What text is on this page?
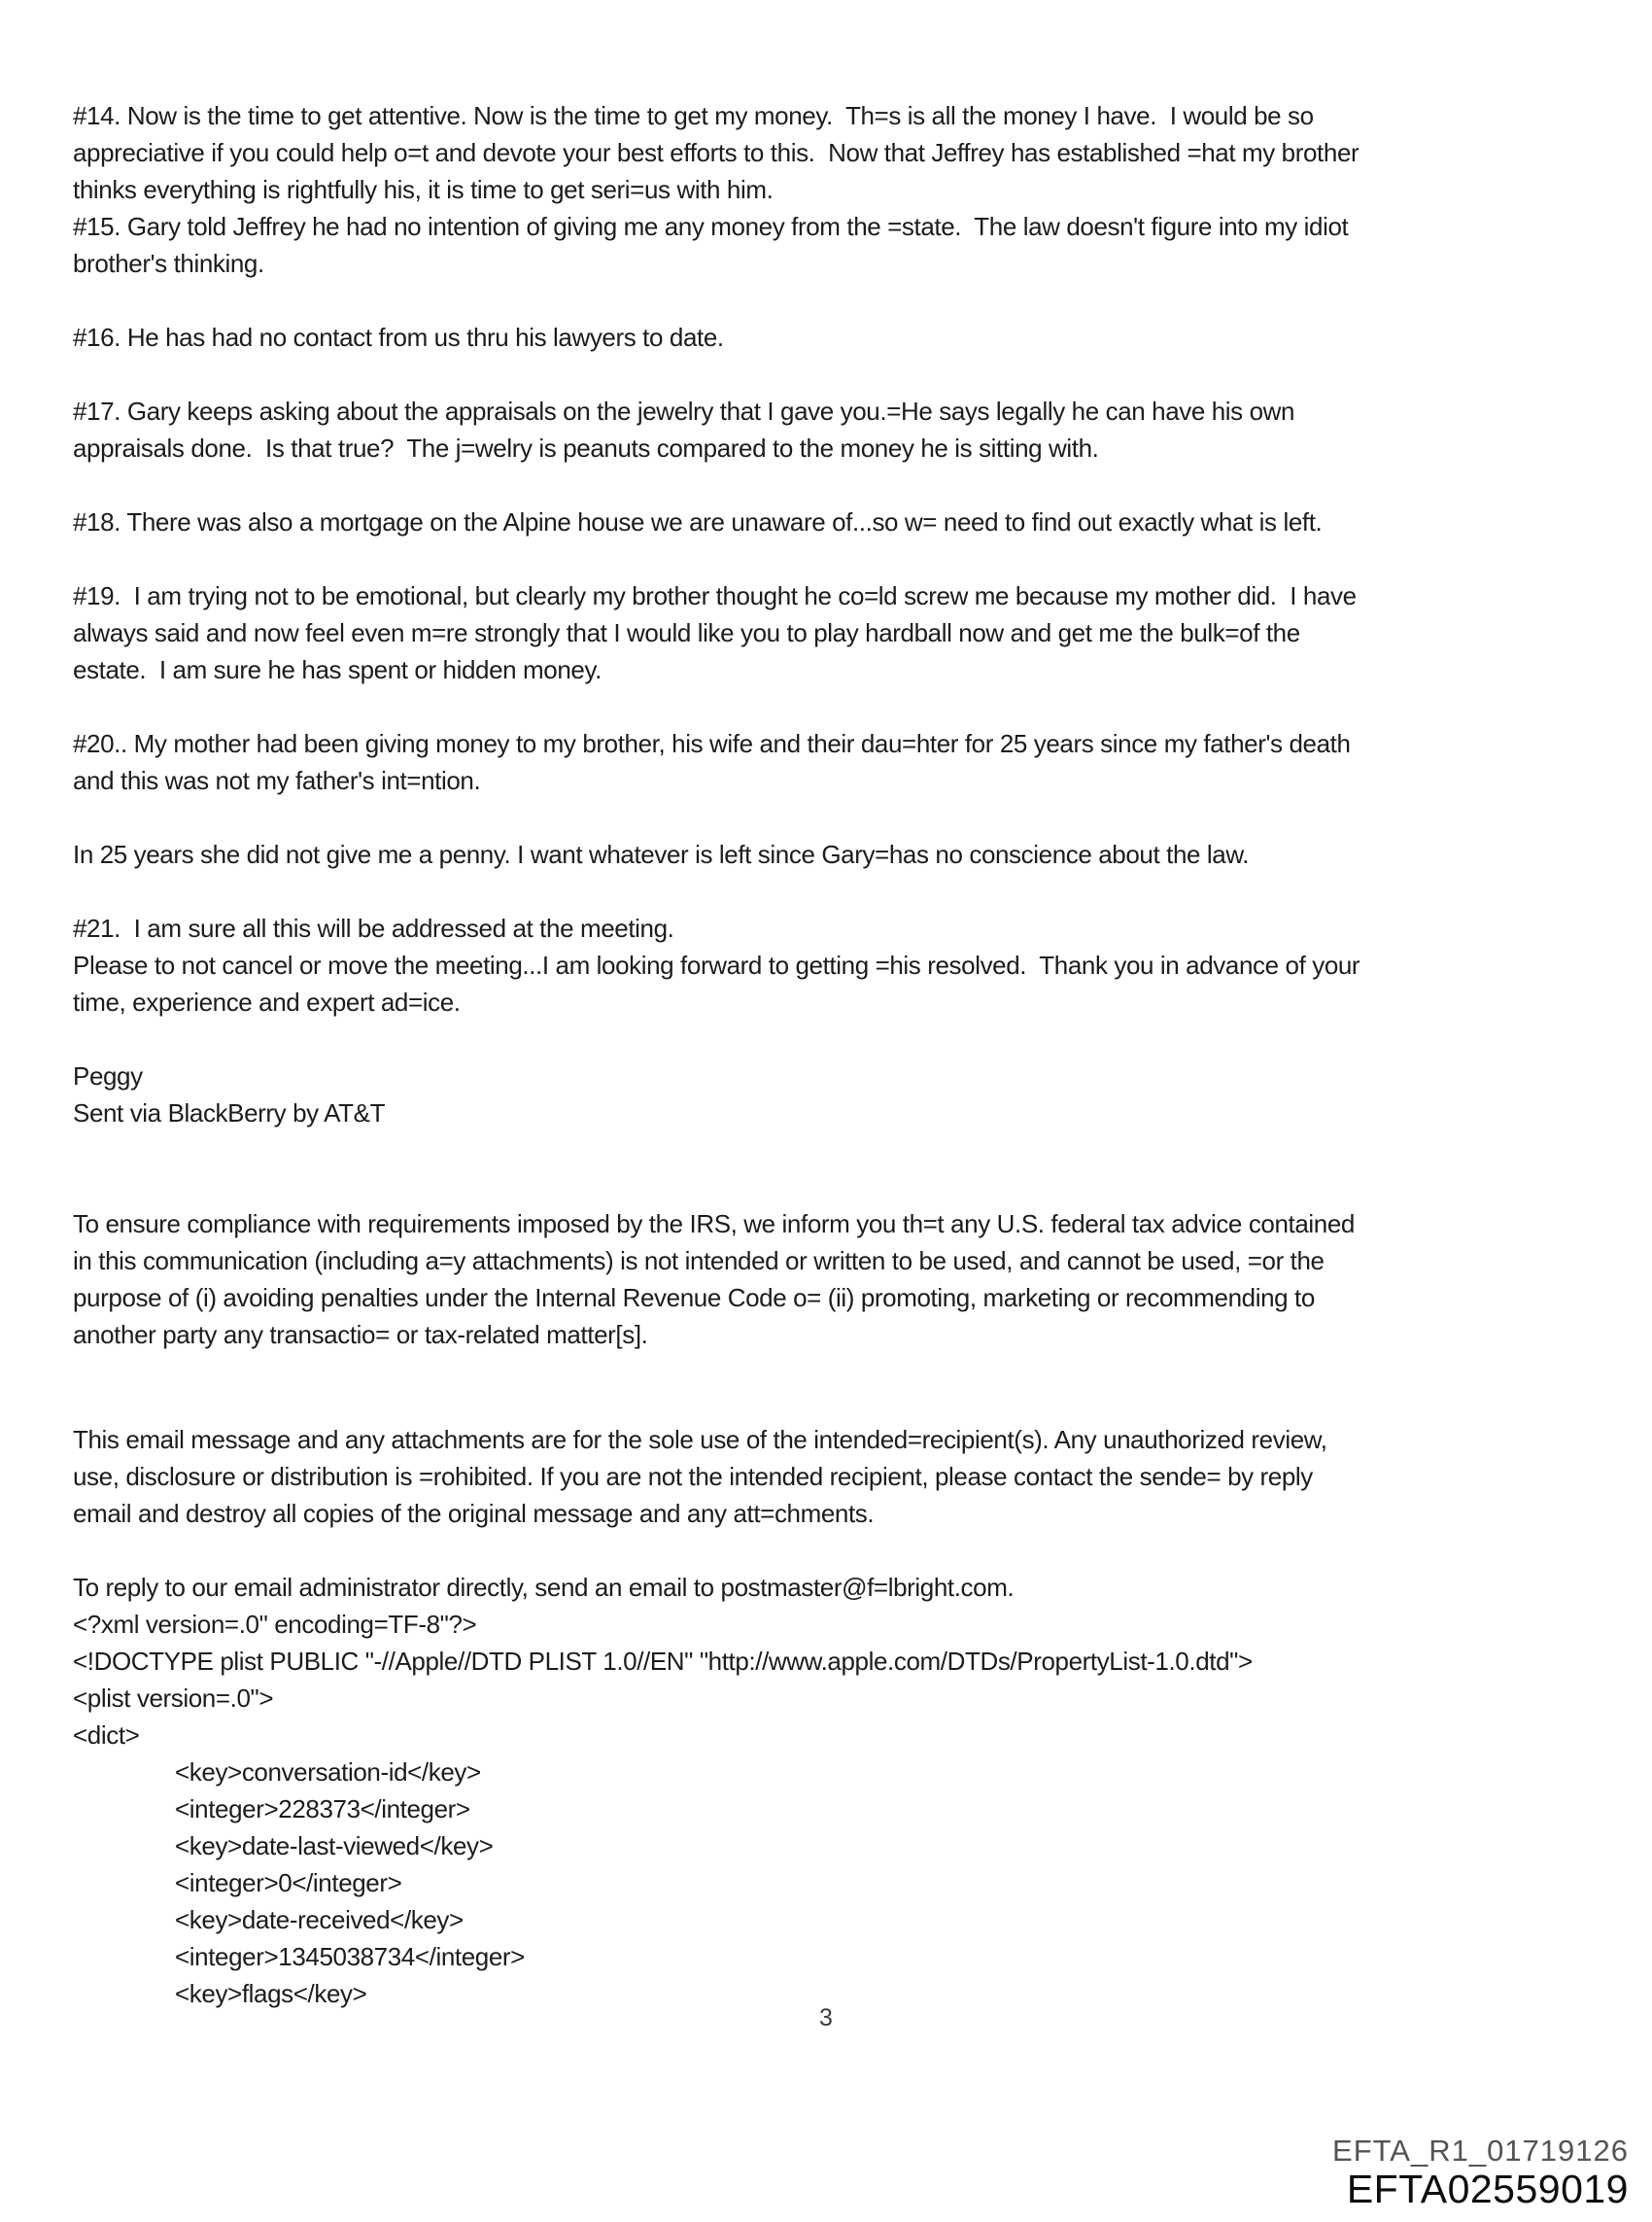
#14. Now is the time to get attentive. Now is the time to get my money.  Th=s is all the money I have.  I would be so
appreciative if you could help o=t and devote your best efforts to this.  Now that Jeffrey has established =hat my brother
thinks everything is rightfully his, it is time to get seri=us with him.
#15. Gary told Jeffrey he had no intention of giving me any money from the =state.  The law doesn't figure into my idiot
brother's thinking.
#16. He has had no contact from us thru his lawyers to date.
#17. Gary keeps asking about the appraisals on the jewelry that I gave you.=He says legally he can have his own
appraisals done.  Is that true?  The j=welry is peanuts compared to the money he is sitting with.
#18. There was also a mortgage on the Alpine house we are unaware of...so w= need to find out exactly what is left.
#19.  I am trying not to be emotional, but clearly my brother thought he co=ld screw me because my mother did.  I have
always said and now feel even m=re strongly that I would like you to play hardball now and get me the bulk=of the
estate.  I am sure he has spent or hidden money.
#20.. My mother had been giving money to my brother, his wife and their dau=hter for 25 years since my father's death
and this was not my father's int=ntion.
In 25 years she did not give me a penny. I want whatever is left since Gary=has no conscience about the law.
#21.  I am sure all this will be addressed at the meeting.
Please to not cancel or move the meeting...I am looking forward to getting =his resolved.  Thank you in advance of your
time, experience and expert ad=ice.
Peggy
Sent via BlackBerry by AT&T
To ensure compliance with requirements imposed by the IRS, we inform you th=t any U.S. federal tax advice contained
in this communication (including a=y attachments) is not intended or written to be used, and cannot be used, =or the
purpose of (i) avoiding penalties under the Internal Revenue Code o= (ii) promoting, marketing or recommending to
another party any transactio= or tax-related matter[s].
This email message and any attachments are for the sole use of the intended=recipient(s). Any unauthorized review,
use, disclosure or distribution is =rohibited. If you are not the intended recipient, please contact the sende= by reply
email and destroy all copies of the original message and any att=chments.
To reply to our email administrator directly, send an email to postmaster@f=lbright.com.
<?xml version=.0" encoding=TF-8"?>
<!DOCTYPE plist PUBLIC "-//Apple//DTD PLIST 1.0//EN" "http://www.apple.com/DTDs/PropertyList-1.0.dtd">
<plist version=.0">
<dict>
<key>conversation-id</key>
<integer>228373</integer>
<key>date-last-viewed</key>
<integer>0</integer>
<key>date-received</key>
<integer>1345038734</integer>
<key>flags</key>
3
EFTA_R1_01719126
EFTA02559019
